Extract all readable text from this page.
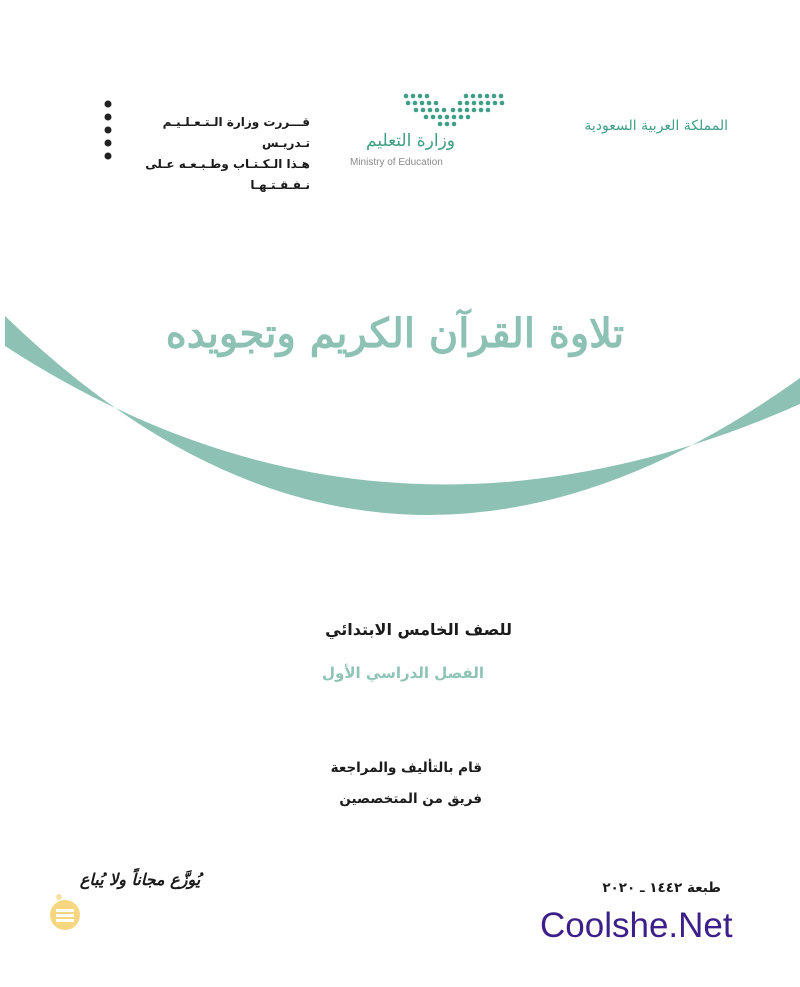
المملكة العربية السعودية
وزارة التعليم
Ministry of Education
قـــررت وزارة الـتـعـلـيـم تـدريـس
هـذا الـكـتـاب وطـبـعـه عـلى نـفـقـتـهـا
تلاوة القرآن الكريم وتجويده
للصف الخامس الابتدائي
الفصل الدراسي الأول
قام بالتأليف والمراجعة
فريق من المتخصصين
يُوزَّع مجاناً ولا يُباع	طبعة ١٤٤٢ ـ ٢٠٢٠
Coolshe.Net
